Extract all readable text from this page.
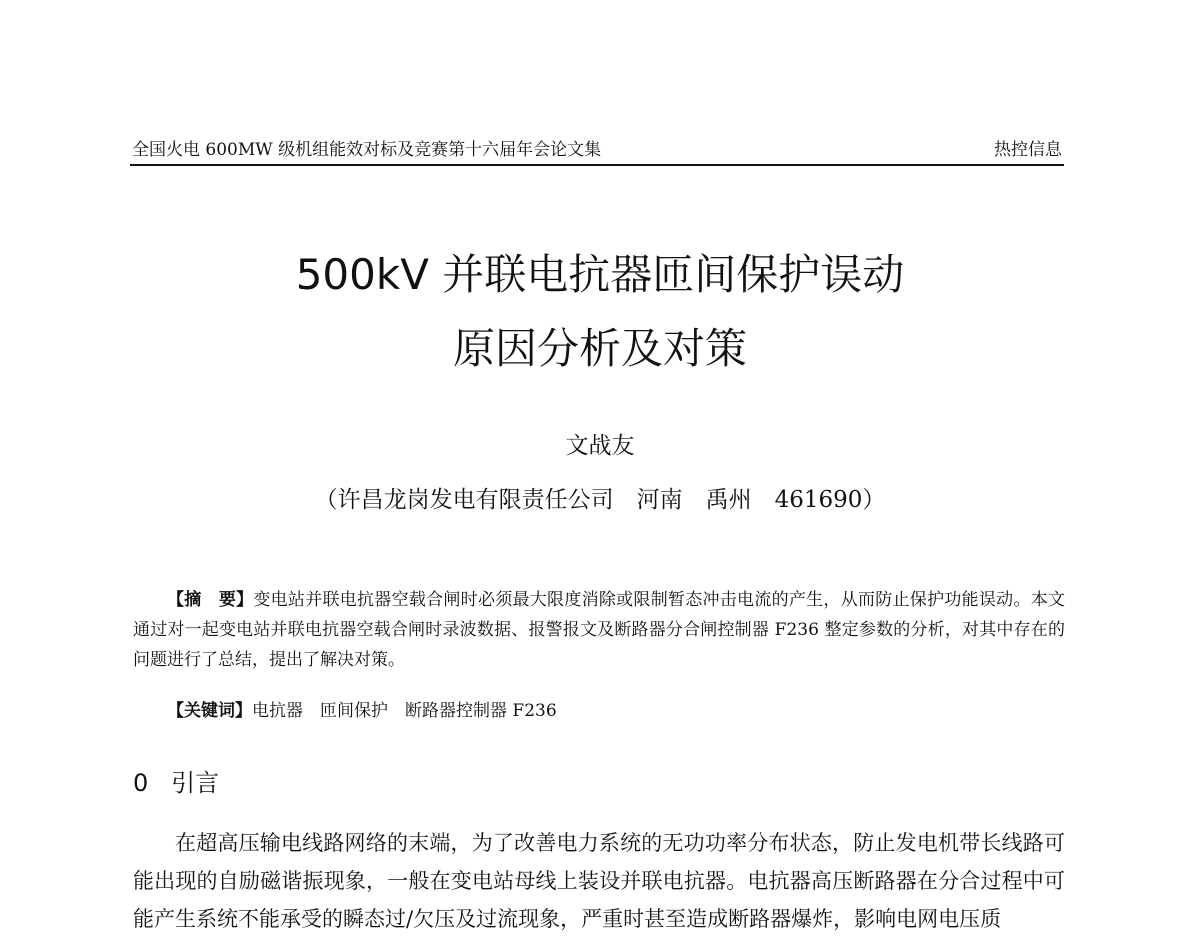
全国火电 600MW 级机组能效对标及竞赛第十六届年会论文集	热控信息
500kV 并联电抗器匝间保护误动
原因分析及对策
文战友
（许昌龙岗发电有限责任公司　河南　禹州　461690）
【摘　要】变电站并联电抗器空载合闸时必须最大限度消除或限制暂态冲击电流的产生，从而防止保护功能误动。本文通过对一起变电站并联电抗器空载合闸时录波数据、报警报文及断路器分合闸控制器 F236 整定参数的分析，对其中存在的问题进行了总结，提出了解决对策。
【关键词】电抗器　匝间保护　断路器控制器 F236
0 引言
在超高压输电线路网络的末端，为了改善电力系统的无功功率分布状态，防止发电机带长线路可能出现的自励磁谐振现象，一般在变电站母线上装设并联电抗器。电抗器高压断路器在分合过程中可能产生系统不能承受的瞬态过/欠压及过流现象，严重时甚至造成断路器爆炸，影响电网电压质
